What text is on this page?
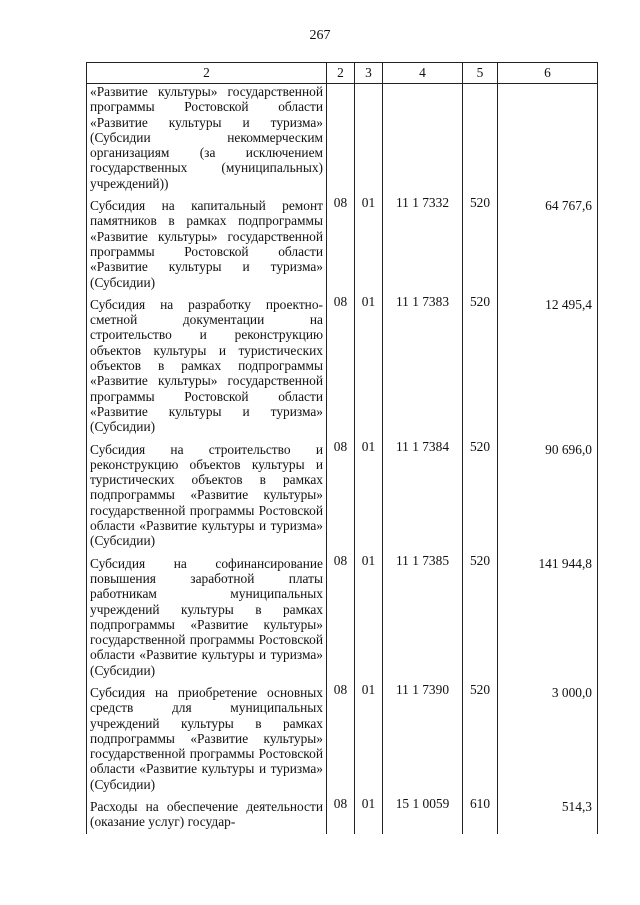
267
2	2	3	4	5	6
«Развитие культуры» государственной программы Ростовской области «Развитие культуры и туризма» (Субсидии некоммерческим организациям (за исключением государственных (муниципальных) учреждений))					
Субсидия на капитальный ремонт памятников в рамках подпрограммы «Развитие культуры» государственной программы Ростовской области «Развитие культуры и туризма» (Субсидии)	08	01	11 1 7332	520	64 767,6
Субсидия на разработку проектно-сметной документации на строительство и реконструкцию объектов культуры и туристических объектов в рамках подпрограммы «Развитие культуры» государственной программы Ростовской области «Развитие культуры и туризма» (Субсидии)	08	01	11 1 7383	520	12 495,4
Субсидия на строительство и реконструкцию объектов культуры и туристических объектов в рамках подпрограммы «Развитие культуры» государственной программы Ростовской области «Развитие культуры и туризма» (Субсидии)	08	01	11 1 7384	520	90 696,0
Субсидия на софинансирование повышения заработной платы работникам муниципальных учреждений культуры в рамках подпрограммы «Развитие культуры» государственной программы Ростовской области «Развитие культуры и туризма» (Субсидии)	08	01	11 1 7385	520	141 944,8
Субсидия на приобретение основных средств для муниципальных учреждений культуры в рамках подпрограммы «Развитие культуры» государственной программы Ростовской области «Развитие культуры и туризма» (Субсидии)	08	01	11 1 7390	520	3 000,0
Расходы на обеспечение деятельности (оказание услуг) государ-	08	01	15 1 0059	610	514,3
